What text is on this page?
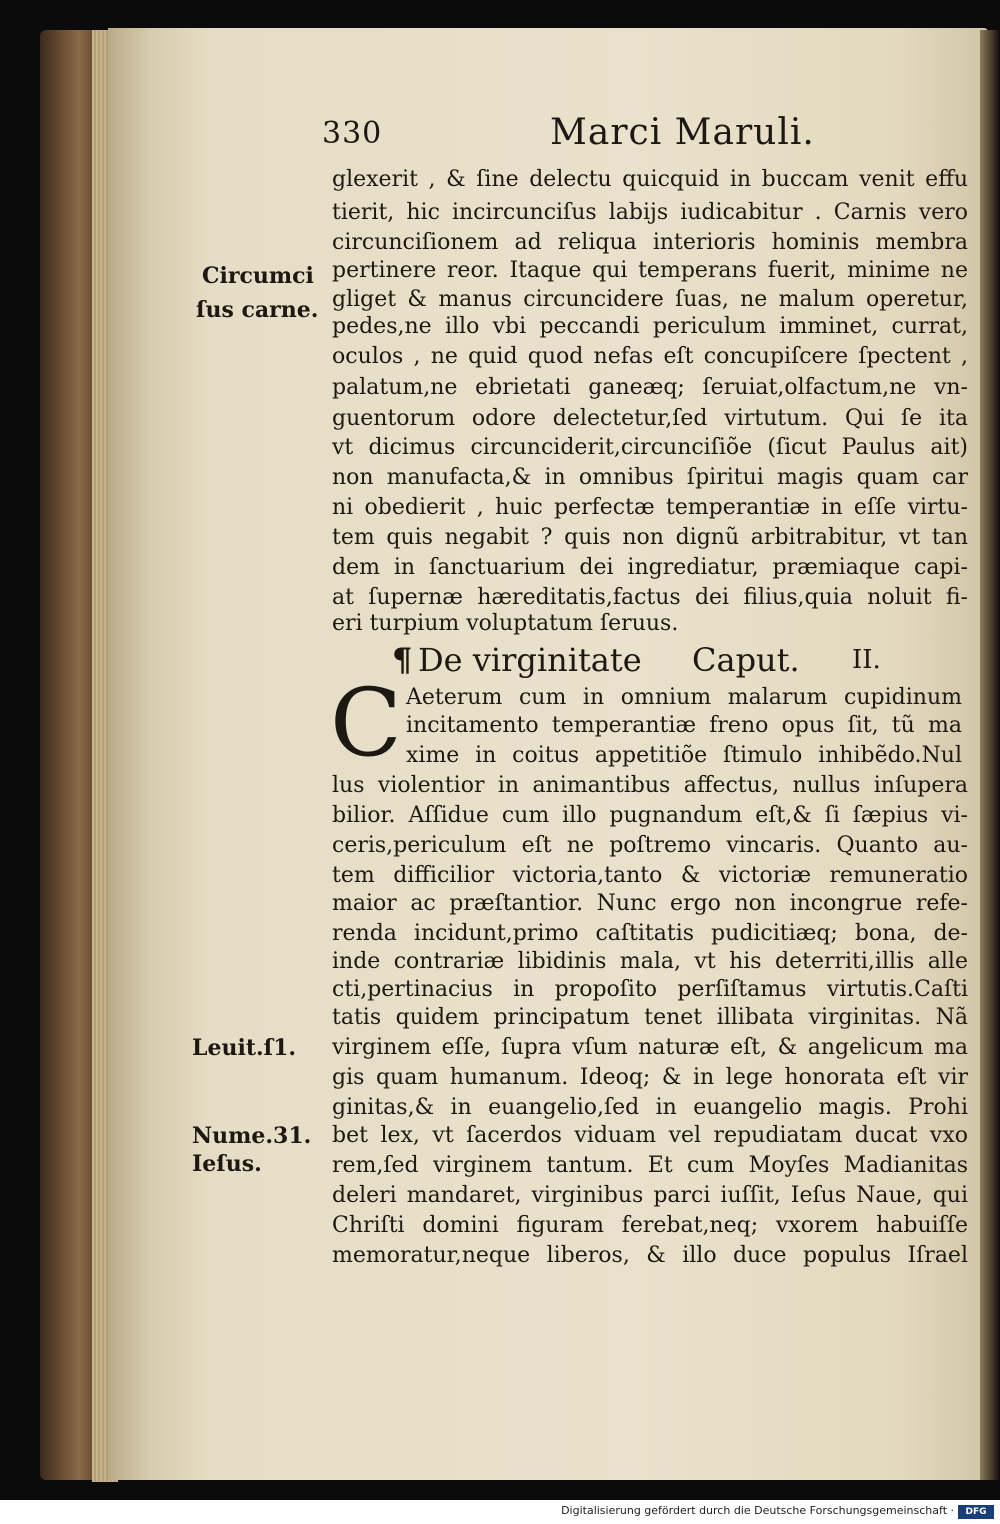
330	Marci Maruli.
Circumci
ſus carne.
Leuit.ſ1.
Nume.31.
Ieſus.
glexerit , & ſine delectu quicquid in buccam venit effu
tierit, hic incircunciſus labijs iudicabitur . Carnis vero
circunciſionem ad reliqua interioris hominis membra
pertinere reor. Itaque qui temperans fuerit, minime ne
gliget & manus circuncidere ſuas, ne malum operetur,
pedes,ne illo vbi peccandi periculum imminet, currat,
oculos , ne quid quod nefas eſt concupiſcere ſpectent ,
palatum,ne ebrietati ganeæq; ſeruiat,olfactum,ne vn-
guentorum odore delectetur,ſed virtutum. Qui ſe ita
vt dicimus circunciderit,circunciſiõe (ſicut Paulus ait)
non manufacta,& in omnibus ſpiritui magis quam car
ni obedierit , huic perfectæ temperantiæ in eſſe virtu-
tem quis negabit ? quis non dignũ arbitrabitur, vt tan
dem in ſanctuarium dei ingrediatur, præmiaque capi-
at ſupernæ hæreditatis,factus dei filius,quia noluit fi-
eri turpium voluptatum ſeruus.
¶ De virginitate Caput. II.
C Aeterum cum in omnium malarum cupidinum
incitamento temperantiæ freno opus ſit, tũ ma
xime in coitus appetitiõe ſtimulo inhibẽdo.Nul
lus violentior in animantibus affectus, nullus inſupera
bilior. Aſſidue cum illo pugnandum eſt,& ſi ſæpius vi-
ceris,periculum eſt ne poſtremo vincaris. Quanto au-
tem difficilior victoria,tanto & victoriæ remuneratio
maior ac præſtantior. Nunc ergo non incongrue refe-
renda incidunt,primo caſtitatis pudicitiæq; bona, de-
inde contrariæ libidinis mala, vt his deterriti,illis alle
cti,pertinacius in propoſito perſiſtamus virtutis.Caſti
tatis quidem principatum tenet illibata virginitas. Nã
virginem eſſe, ſupra vſum naturæ eſt, & angelicum ma
gis quam humanum. Ideoq; & in lege honorata eſt vir
ginitas,& in euangelio,ſed in euangelio magis. Prohi
bet lex, vt ſacerdos viduam vel repudiatam ducat vxo
rem,ſed virginem tantum. Et cum Moyſes Madianitas
deleri mandaret, virginibus parci iuſſit, Ieſus Naue, qui
Chriſti domini figuram ferebat,neq; vxorem habuiſſe
memoratur,neque liberos, & illo duce populus Iſrael
Digitalisierung gefördert durch die Deutsche Forschungsgemeinschaft ·	DFG
